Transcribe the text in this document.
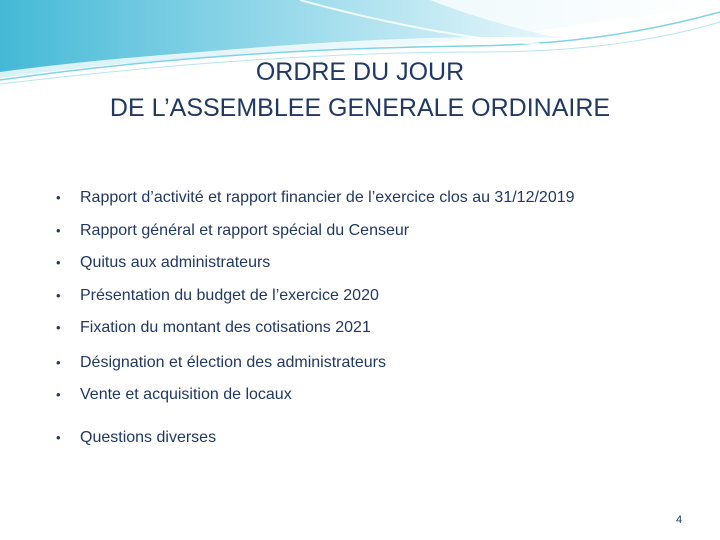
ORDRE DU JOUR
DE L’ASSEMBLEE GENERALE ORDINAIRE
• Rapport d’activité et rapport financier de l’exercice clos au 31/12/2019
• Rapport général et rapport spécial du Censeur
• Quitus aux administrateurs
• Présentation du budget de l’exercice 2020
• Fixation du montant des cotisations 2021
• Désignation et élection des administrateurs
• Vente et acquisition de locaux
• Questions diverses
4
